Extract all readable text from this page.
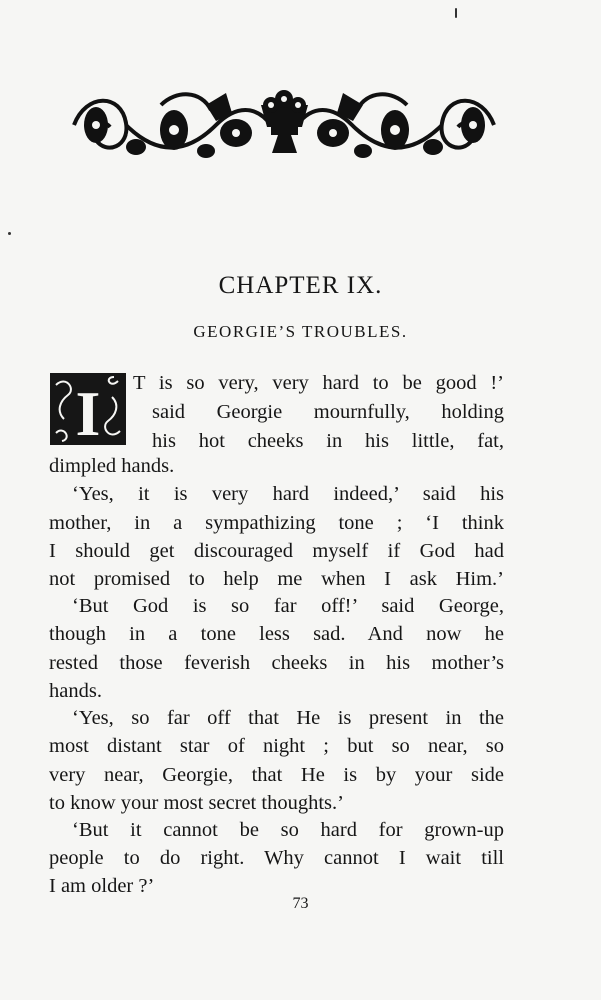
CHAPTER IX.
GEORGIE’S TROUBLES.
I T is so very, very hard to be good !’
said Georgie mournfully, holding
his hot cheeks in his little, fat,
dimpled hands.
‘Yes, it is very hard indeed,’ said his
mother, in a sympathizing tone ; ‘I think
I should get discouraged myself if God had
not promised to help me when I ask Him.’
‘But God is so far off!’ said George,
though in a tone less sad. And now he
rested those feverish cheeks in his mother’s
hands.
‘Yes, so far off that He is present in the
most distant star of night ; but so near, so
very near, Georgie, that He is by your side
to know your most secret thoughts.’
‘But it cannot be so hard for grown-up
people to do right. Why cannot I wait till
I am older ?’
73
